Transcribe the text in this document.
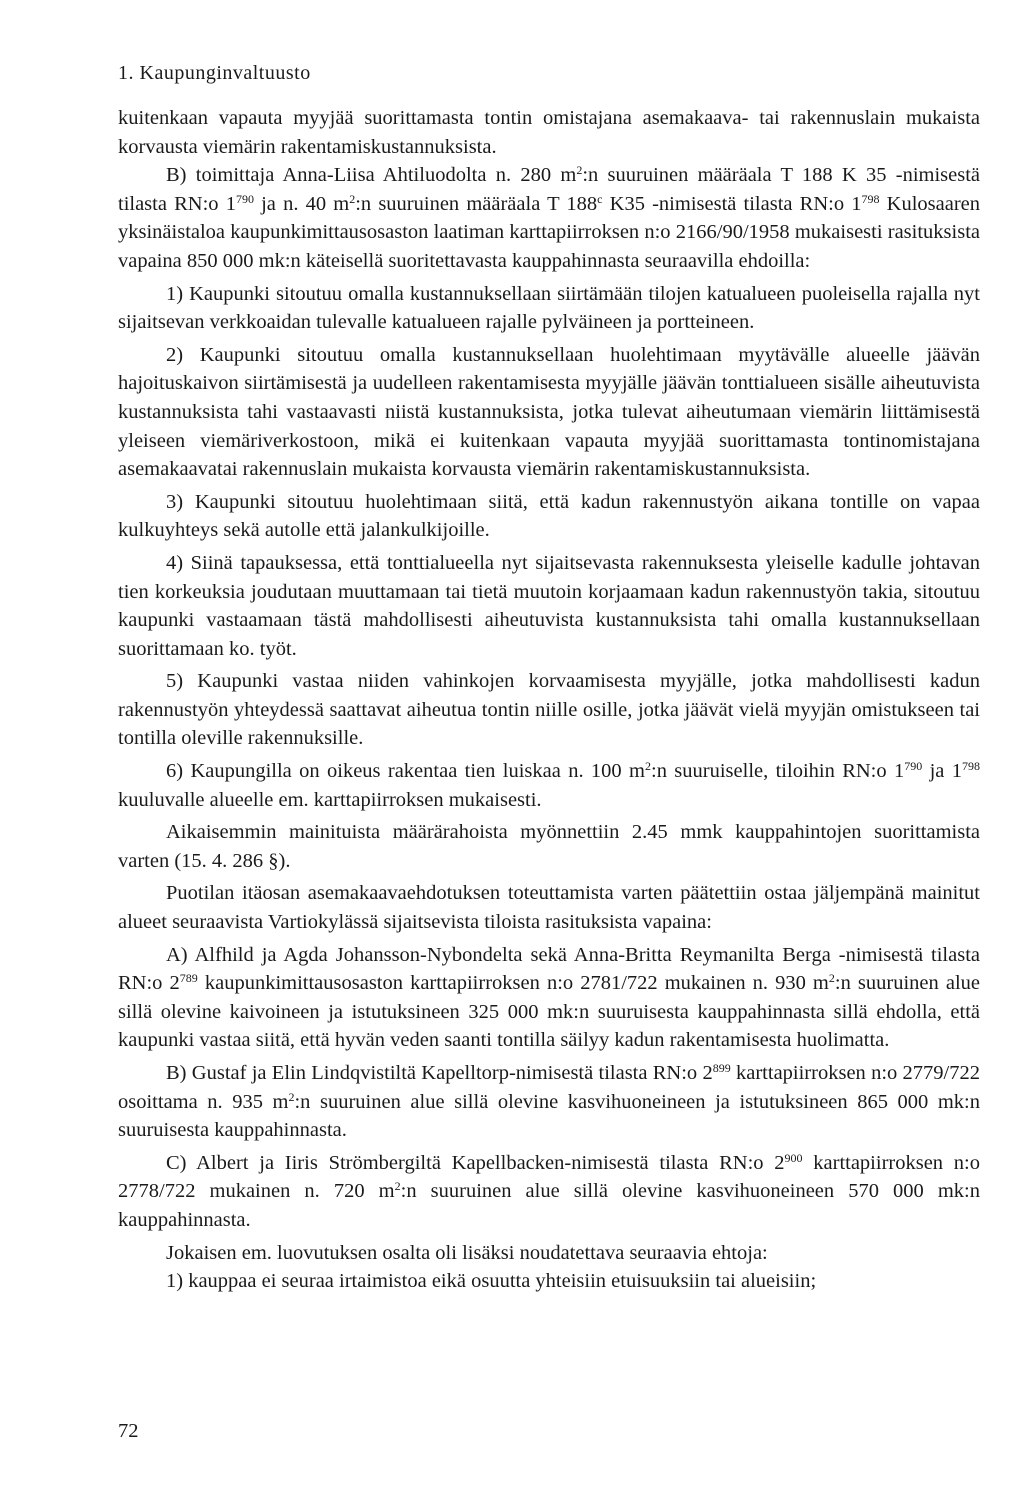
1. Kaupunginvaltuusto

kuitenkaan vapauta myyjää suorittamasta tontin omistajana asemakaava- tai rakennuslain mukaista korvausta viemärin rakentamiskustannuksista.

B) toimittaja Anna-Liisa Ahtiluodolta n. 280 $m^2:n$ suuruinen määräala T 188 K 35 -nimisestä tilasta RN:o $1^{790}$ ja n. 40 $m^2:n$ suuruinen määräala T 188$^c$ K35 -nimisestä tilasta RN:o $1^{798}$ Kulosaaren yksinäistaloa kaupunkimittausosaston laatiman karttapiirroksen n:o 2166/90/1958 mukaisesti rasituksista vapaina 850 000 mk:n käteisellä suoritettavasta kauppahinnasta seuraavilla ehdoilla:

1) Kaupunki sitoutuu omalla kustannuksellaan siirtämään tilojen katualueen puoleisella rajalla nyt sijaitsevan verkkoaidan tulevalle katualueen rajalle pylväineen ja portteineen.

2) Kaupunki sitoutuu omalla kustannuksellaan huolehtimaan myytävälle alueelle jäävän hajoituskaivon siirtämisestä ja uudelleen rakentamisesta myyjälle jäävän tonttialueen sisälle aiheutuvista kustannuksista tahi vastaavasti niistä kustannuksista, jotka tulevat aiheutumaan viemärin liittämisestä yleiseen viemäriverkostoon, mikä ei kuitenkaan vapauta myyjää suorittamasta tontinomistajana asemakaavatai rakennuslain mukaista korvausta viemärin rakentamiskustannuksista.

3) Kaupunki sitoutuu huolehtimaan siitä, että kadun rakennustyön aikana tontille on vapaa kulkuyhteys sekä autolle että jalankulkijoille.

4) Siinä tapauksessa, että tonttialueella nyt sijaitsevasta rakennuksesta yleiselle kadulle johtavan tien korkeuksia joudutaan muuttamaan tai tietä muutoin korjaamaan kadun rakennustyön takia, sitoutuu kaupunki vastaamaan tästä mahdollisesti aiheutuvista kustannuksista tahi omalla kustannuksellaan suorittamaan ko. työt.

5) Kaupunki vastaa niiden vahinkojen korvaamisesta myyjälle, jotka mahdollisesti kadun rakennustyön yhteydessä saattavat aiheutua tontin niille osille, jotka jäävät vielä myyjän omistukseen tai tontilla oleville rakennuksille.

6) Kaupungilla on oikeus rakentaa tien luiskaa n. 100 $m^2:n$ suuruiselle, tiloihin RN:o $1^{790}$ ja $1^{798}$ kuuluvalle alueelle em. karttapiirroksen mukaisesti.

Aikaisemmin mainituista määrärahoista myönnettiin 2.45 mmk kauppahintojen suorittamista varten (15. 4. 286 §).

Puotilan itäosan asemakaavaehdotuksen toteuttamista varten päätettiin ostaa jäljempänä mainitut alueet seuraavista Vartiokylässä sijaitsevista tiloista rasituksista vapaina:

A) Alfhild ja Agda Johansson-Nybondelta sekä Anna-Britta Reymanilta Berga -nimisestä tilasta RN:o $2^{789}$ kaupunkimittausosaston karttapiirroksen n:o 2781/722 mukainen n. 930 $m^2:n$ suuruinen alue sillä olevine kaivoineen ja istutuksineen 325 000 mk:n suuruisesta kauppahinnasta sillä ehdolla, että kaupunki vastaa siitä, että hyvän veden saanti tontilla säilyy kadun rakentamisesta huolimatta.

B) Gustaf ja Elin Lindqvistiltä Kapelltorp-nimisestä tilasta RN:o $2^{899}$ karttapiirroksen n:o 2779/722 osoittama n. 935 $m^2:n$ suuruinen alue sillä olevine kasvihuoneineen ja istutuksineen 865 000 mk:n suuruisesta kauppahinnasta.

C) Albert ja Iiris Strömbergiltä Kapellbacken-nimisestä tilasta RN:o $2^{900}$ karttapiirroksen n:o 2778/722 mukainen n. 720 $m^2:n$ suuruinen alue sillä olevine kasvihuoneineen 570 000 mk:n kauppahinnasta.

Jokaisen em. luovutuksen osalta oli lisäksi noudatettava seuraavia ehtoja:

1) kauppaa ei seuraa irtaimistoa eikä osuutta yhteisiin etuisuuksiin tai alueisiin;

72
